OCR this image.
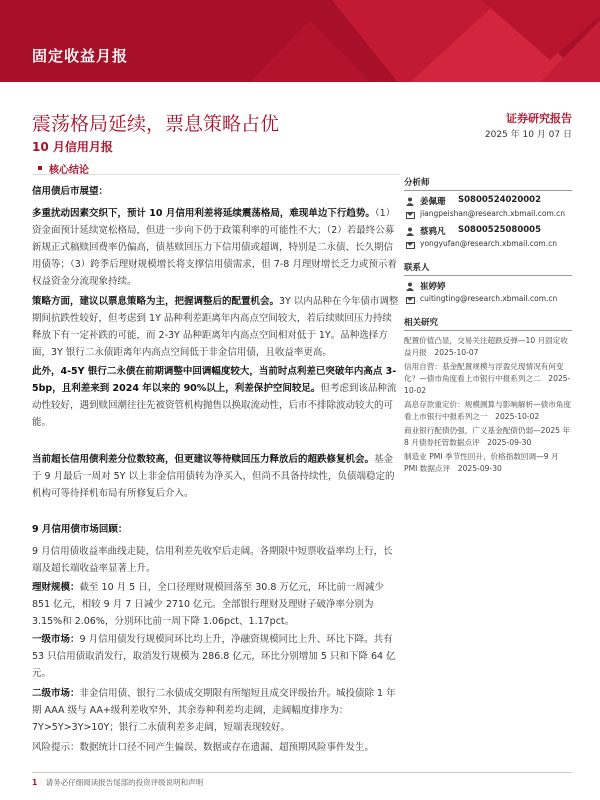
固定收益月报
震荡格局延续，票息策略占优
10 月信用月报
证券研究报告
2025 年 10 月 07 日
核心结论

信用债后市展望：

多重扰动因素交织下，预计 10 月信用利差将延续震荡格局，难现单边下行趋势。（1）资金面预计延续宽松格局，但进一步向下仍于政策利率的可能性不大；（2）若最终公募新规正式稿赎回费率仍偏高，债基赎回压力下信用债或超调，特别是二永债、长久期信用债等；（3）跨季后理财规模增长将支撑信用债需求，但 7-8 月理财增长乏力或预示着权益资金分流现象持续。

策略方面，建议以票息策略为主，把握调整后的配置机会。3Y 以内品种在今年债市调整期间抗跌性较好，但考虑到 1Y 品种利差距离年内高点空间较大，若后续赎回压力持续释放下有一定补跌的可能，而 2-3Y 品种距离年内高点空间相对低于 1Y。品种选择方面，3Y 银行二永债距离年内高点空间低于非金信用债，且收益率更高。

此外，4-5Y 银行二永债在前期调整中回调幅度较大，当前时点利差已突破年内高点 3-5bp，且利差来到 2024 年以来的 90%以上，利差保护空间较足。但考虑到该品种流动性较好，遇到赎回潮往往先被资管机构抛售以换取流动性，后市不排除波动较大的可能。

当前超长信用债利差分位数较高，但更建议等待赎回压力释放后的超跌修复机会。基金于 9 月最后一周对 5Y 以上非金信用债转为净买入，但尚不具备持续性，负债端稳定的机构可等待择机布局有所修复后介入。

9 月信用债市场回顾：

9 月信用债收益率曲线走陡，信用利差先收窄后走阔。各期限中短票收益率均上行，长端及超长端收益率显著上升。

理财规模：截至 10 月 5 日，全口径理财规模回落至 30.8 万亿元，环比前一周减少 851 亿元，相较 9 月 7 日减少 2710 亿元。全部银行理财及理财子破净率分别为 3.15%和 2.06%，分别环比前一周下降 1.06pct、1.17pct。

一级市场：9 月信用债发行规模同环比均上升，净融资规模同比上升、环比下降。共有 53 只信用债取消发行，取消发行规模为 286.8 亿元，环比分别增加 5 只和下降 64 亿元。

二级市场：非金信用债、银行二永债成交期限有所缩短且成交评级抬升。城投债除 1 年期 AAA 级与 AA+级利差收窄外，其余券种利差均走阔，走阔幅度排序为：7Y>5Y>3Y>10Y；银行二永债利差多走阔，短端表现较好。

风险提示：数据统计口径不同产生偏误、数据或存在遗漏、超预期风险事件发生。

分析师
姜佩珊 S0800524020002
jiangpeishan@research.xbmail.com.cn
蔡鸦凡 S0800525080005
yongyufan@research.xbmail.com.cn
联系人
崔婷婷
cuitingting@research.xbmail.com.cn
相关研究
配置价值凸显，交易关注超跌反弹—10 月固定收益月报　2025-10-07
信用自营：基金配置规模与浮盈兑现情况有何变化？—债市角度看上市银行中报系列之二　2025-10-02
高息存款重定价：规模测算与影响解析—债市角度看上市银行中报系列之一　2025-10-02
商业银行配债仍强，广义基金配债仍弱—2025 年 8 月债券托管数据点评　2025-09-30
制造业 PMI 季节性回升，价格指数回调—9 月 PMI 数据点评　2025-09-30
1 请务必仔细阅读报告尾部的投资评级说明和声明
